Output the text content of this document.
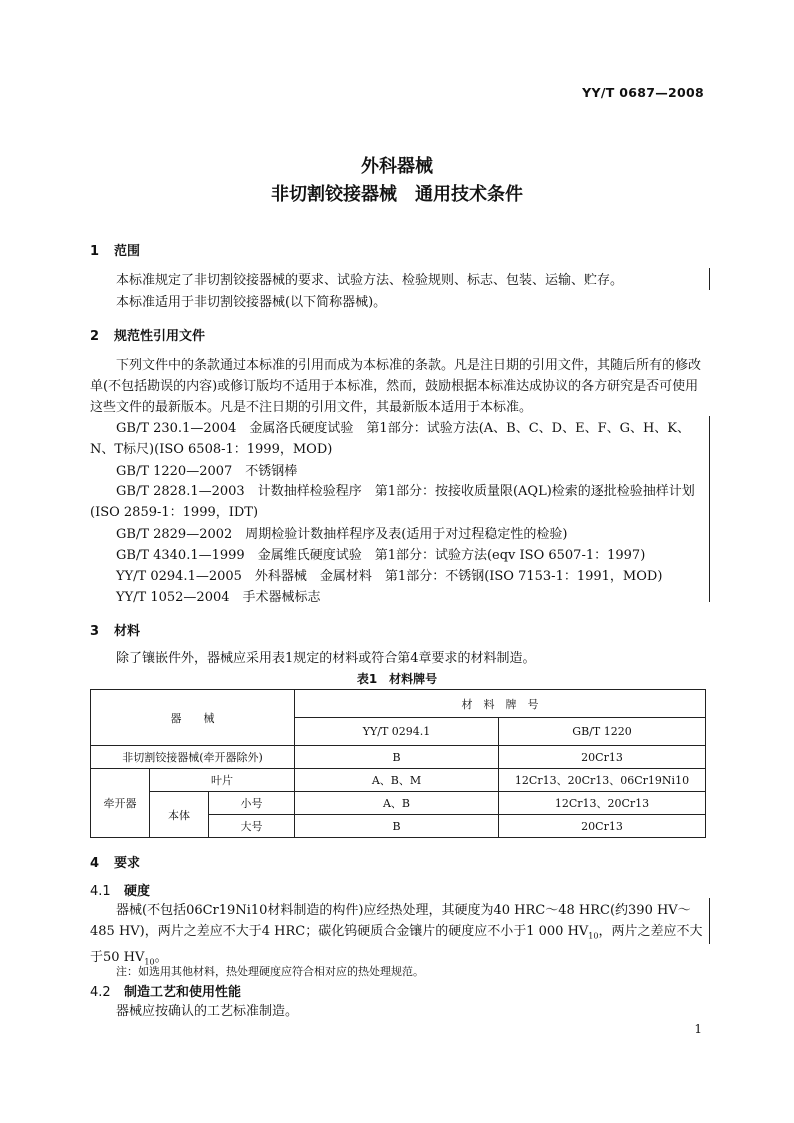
YY/T 0687—2008
外科器械
非切割铰接器械　通用技术条件
1 范围
本标准规定了非切割铰接器械的要求、试验方法、检验规则、标志、包装、运输、贮存。
本标准适用于非切割铰接器械(以下简称器械)。
2 规范性引用文件
下列文件中的条款通过本标准的引用而成为本标准的条款。凡是注日期的引用文件，其随后所有的修改单(不包括勘误的内容)或修订版均不适用于本标准，然而，鼓励根据本标准达成协议的各方研究是否可使用这些文件的最新版本。凡是不注日期的引用文件，其最新版本适用于本标准。
GB/T 230.1—2004　金属洛氏硬度试验　第1部分：试验方法(A、B、C、D、E、F、G、H、K、N、T标尺)(ISO 6508-1：1999，MOD)
GB/T 1220—2007　不锈钢棒
GB/T 2828.1—2003　计数抽样检验程序　第1部分：按接收质量限(AQL)检索的逐批检验抽样计划(ISO 2859-1：1999，IDT)
GB/T 2829—2002　周期检验计数抽样程序及表(适用于对过程稳定性的检验)
GB/T 4340.1—1999　金属维氏硬度试验　第1部分：试验方法(eqv ISO 6507-1：1997)
YY/T 0294.1—2005　外科器械　金属材料　第1部分：不锈钢(ISO 7153-1：1991，MOD)
YY/T 1052—2004　手术器械标志
3 材料
除了镶嵌件外，器械应采用表1规定的材料或符合第4章要求的材料制造。
表1　材料牌号
器　　械			材　料　牌　号	
			YY/T 0294.1	GB/T 1220
非切割铰接器械(牵开器除外)			B	20Cr13
牵开器	叶片		A、B、M	12Cr13、20Cr13、06Cr19Ni10
	本体	小号	A、B	12Cr13、20Cr13
		大号	B	20Cr13
4 要求
4.1 硬度
器械(不包括06Cr19Ni10材料制造的构件)应经热处理，其硬度为40 HRC～48 HRC(约390 HV～485 HV)，两片之差应不大于4 HRC；碳化钨硬质合金镶片的硬度应不小于1 000 $HV_{10}$，两片之差应不大于50 $HV_{10}$。
注：如选用其他材料，热处理硬度应符合相对应的热处理规范。
4.2 制造工艺和使用性能
器械应按确认的工艺标准制造。
1
